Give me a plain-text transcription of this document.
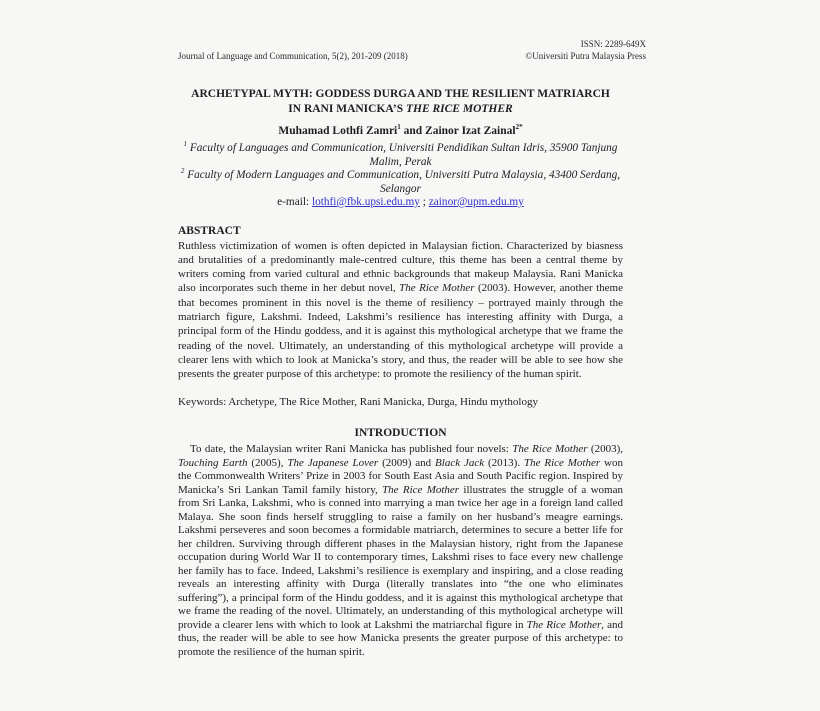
Journal of Language and Communication, 5(2), 201-209 (2018)
ISSN: 2289-649X
©Universiti Putra Malaysia Press
ARCHETYPAL MYTH: GODDESS DURGA AND THE RESILIENT MATRIARCH
IN RANI MANICKA’S THE RICE MOTHER
Muhamad Lothfi Zamri$^1$ and Zainor Izat Zainal$^{2*}$
$^1$ Faculty of Languages and Communication, Universiti Pendidikan Sultan Idris, 35900 Tanjung Malim, Perak
$^2$ Faculty of Modern Languages and Communication, Universiti Putra Malaysia, 43400 Serdang, Selangor
e-mail: lothfi@fbk.upsi.edu.my ; zainor@upm.edu.my
ABSTRACT

Ruthless victimization of women is often depicted in Malaysian fiction. Characterized by biasness and brutalities of a predominantly male-centred culture, this theme has been a central theme by writers coming from varied cultural and ethnic backgrounds that makeup Malaysia. Rani Manicka also incorporates such theme in her debut novel, The Rice Mother (2003). However, another theme that becomes prominent in this novel is the theme of resiliency – portrayed mainly through the matriarch figure, Lakshmi. Indeed, Lakshmi’s resilience has interesting affinity with Durga, a principal form of the Hindu goddess, and it is against this mythological archetype that we frame the reading of the novel. Ultimately, an understanding of this mythological archetype will provide a clearer lens with which to look at Manicka’s story, and thus, the reader will be able to see how she presents the greater purpose of this archetype: to promote the resiliency of the human spirit.

Keywords: Archetype, The Rice Mother, Rani Manicka, Durga, Hindu mythology
INTRODUCTION

To date, the Malaysian writer Rani Manicka has published four novels: The Rice Mother (2003), Touching Earth (2005), The Japanese Lover (2009) and Black Jack (2013). The Rice Mother won the Commonwealth Writers’ Prize in 2003 for South East Asia and South Pacific region. Inspired by Manicka’s Sri Lankan Tamil family history, The Rice Mother illustrates the struggle of a woman from Sri Lanka, Lakshmi, who is conned into marrying a man twice her age in a foreign land called Malaya. She soon finds herself struggling to raise a family on her husband’s meagre earnings. Lakshmi perseveres and soon becomes a formidable matriarch, determines to secure a better life for her children. Surviving through different phases in the Malaysian history, right from the Japanese occupation during World War II to contemporary times, Lakshmi rises to face every new challenge her family has to face. Indeed, Lakshmi’s resilience is exemplary and inspiring, and a close reading reveals an interesting affinity with Durga (literally translates into “the one who eliminates suffering”), a principal form of the Hindu goddess, and it is against this mythological archetype that we frame the reading of the novel. Ultimately, an understanding of this mythological archetype will provide a clearer lens with which to look at Lakshmi the matriarchal figure in The Rice Mother, and thus, the reader will be able to see how Manicka presents the greater purpose of this archetype: to promote the resilience of the human spirit.
